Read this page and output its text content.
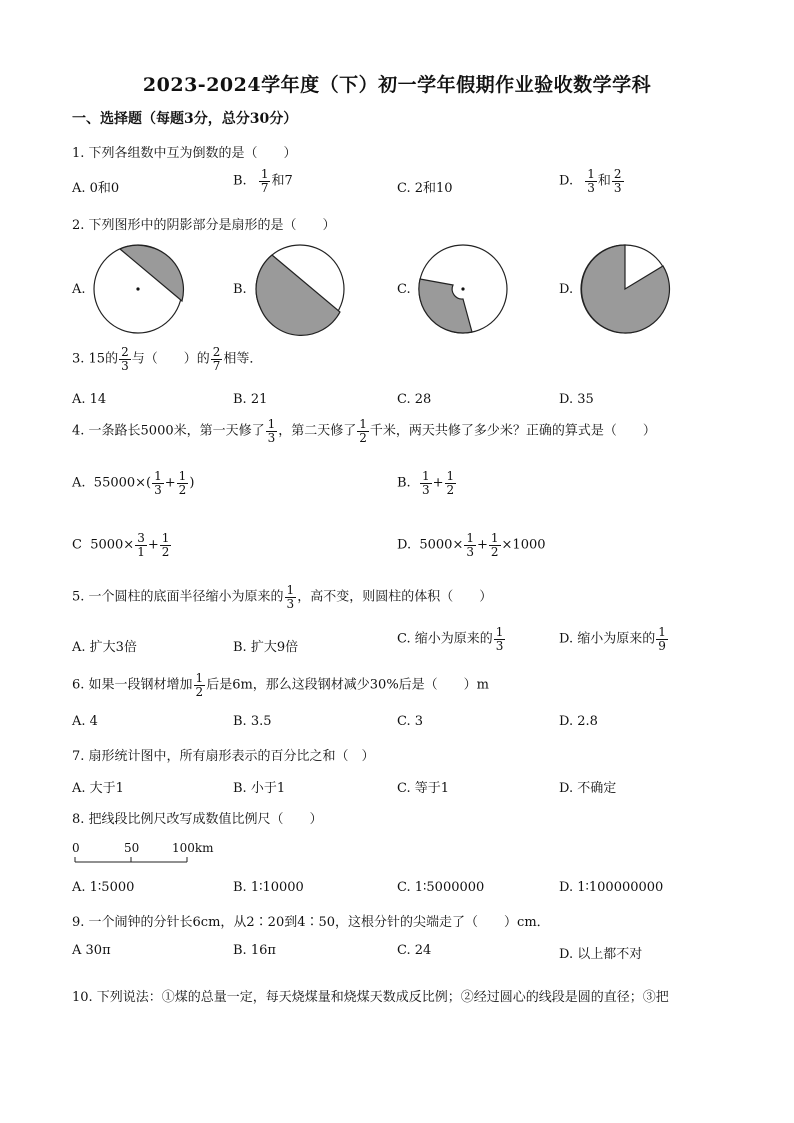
2023-2024学年度（下）初一学年假期作业验收数学学科
一、选择题（每题3分，总分30分）
1. 下列各组数中互为倒数的是（　　）
A. 0和0	B. $\frac{1}{7}$ 和7	C. 2和10	D. $\frac{1}{3}$ 和 $\frac{2}{3}$
2. 下列图形中的阴影部分是扇形的是（　　）
A.	B.	C.	D.
3. 15的 $\frac{2}{3}$ 与（　　）的 $\frac{2}{7}$ 相等．
A. 14	B. 21	C. 28	D. 35
4. 一条路长5000米，第一天修了 $\frac{1}{3}$ ，第二天修了 $\frac{1}{2}$ 千米，两天共修了多少米？正确的算式是（　　）
A. $55000\times( \frac{1}{3} + \frac{1}{2}$ )	B. $\frac{1}{3} + \frac{1}{2}$
C $5000\times \frac{3}{1} + \frac{1}{2}$	D. $5000\times \frac{1}{3} + \frac{1}{2} \times 1000$
5. 一个圆柱的底面半径缩小为原来的 $\frac{1}{3}$ ，高不变，则圆柱的体积（　　）
A. 扩大3倍	B. 扩大9倍
C. 缩小为原来的 $\frac{1}{3}$	D. 缩小为原来的 $\frac{1}{9}$
6. 如果一段钢材增加 $\frac{1}{2}$ 后是6m，那么这段钢材减少30%后是（　　）m
A. 4	B. 3.5	C. 3	D. 2.8
7. 扇形统计图中，所有扇形表示的百分比之和（　）
A. 大于1	B. 小于1	C. 等于1	D. 不确定
8. 把线段比例尺改写成数值比例尺（　　）
0	50	100km
A. 1∶5000	B. 1∶10000	C. 1∶5000000	D. 1∶100000000
9. 一个闹钟的分针长6cm，从2∶20到4∶50，这根分针的尖端走了（　　）cm．
A 30π	B. 16π	C. 24	D. 以上都不对
10. 下列说法：①煤的总量一定，每天烧煤量和烧煤天数成反比例；②经过圆心的线段是圆的直径；③把
